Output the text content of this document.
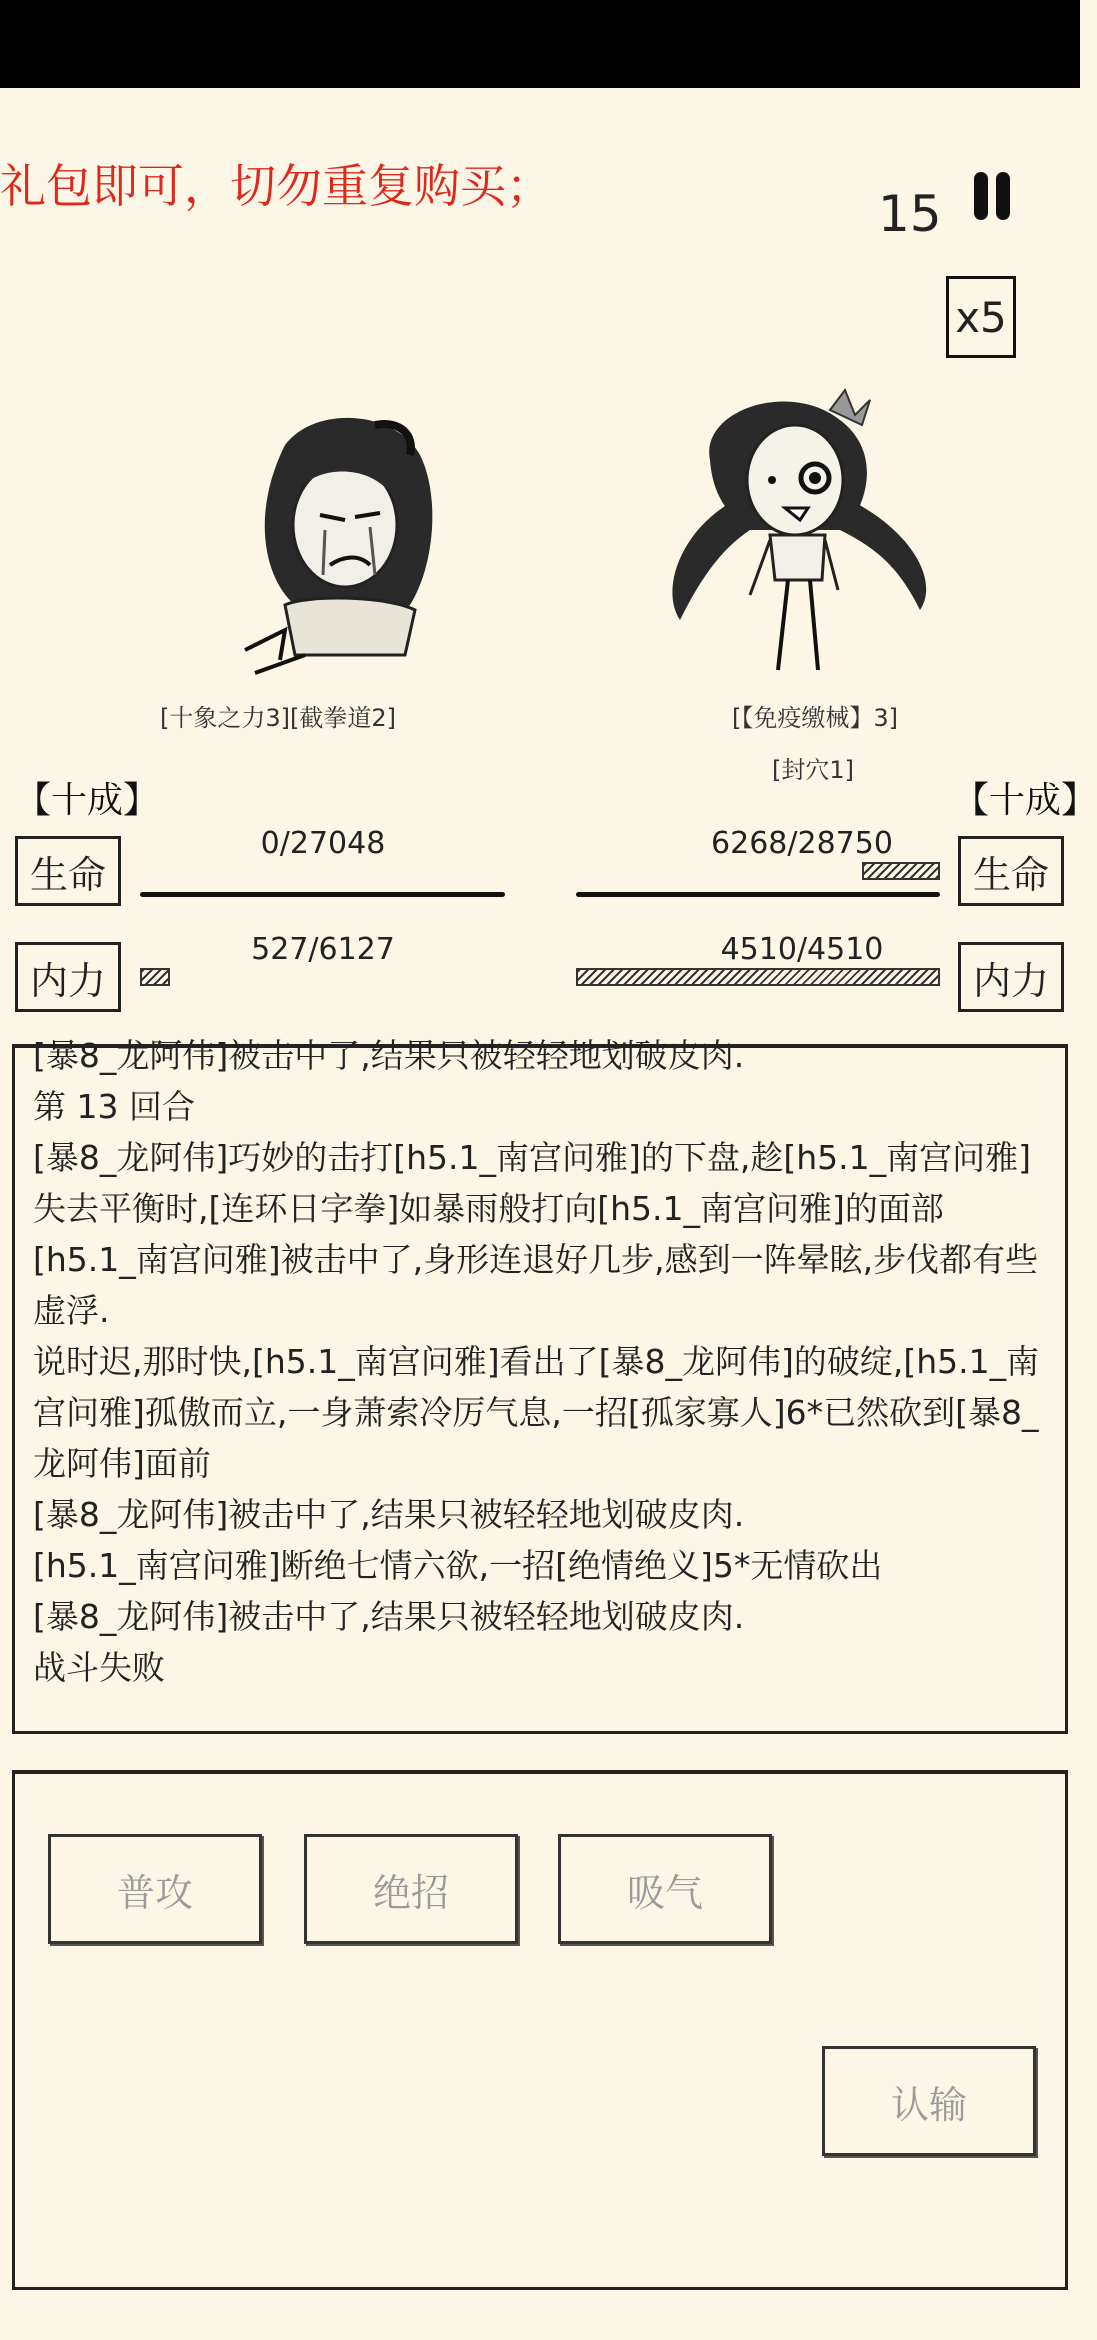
礼包即可，切勿重复购买；	15
x5
[十象之力3][截拳道2]	[【免疫缴械】3]
[封穴1]
【十成】
生命
0/27048
内力
527/6127
【十成】
生命
6268/28750
内力
4510/4510
[暴8_龙阿伟]被击中了,结果只被轻轻地划破皮肉.
第 13 回合
[暴8_龙阿伟]巧妙的击打[h5.1_南宫问雅]的下盘,趁[h5.1_南宫问雅]失去平衡时,[连环日字拳]如暴雨般打向[h5.1_南宫问雅]的面部
[h5.1_南宫问雅]被击中了,身形连退好几步,感到一阵晕眩,步伐都有些虚浮.
说时迟,那时快,[h5.1_南宫问雅]看出了[暴8_龙阿伟]的破绽,[h5.1_南宫问雅]孤傲而立,一身萧索冷厉气息,一招[孤家寡人]6*已然砍到[暴8_龙阿伟]面前
[暴8_龙阿伟]被击中了,结果只被轻轻地划破皮肉.
[h5.1_南宫问雅]断绝七情六欲,一招[绝情绝义]5*无情砍出
[暴8_龙阿伟]被击中了,结果只被轻轻地划破皮肉.
战斗失败
普攻	绝招	吸气
认输
